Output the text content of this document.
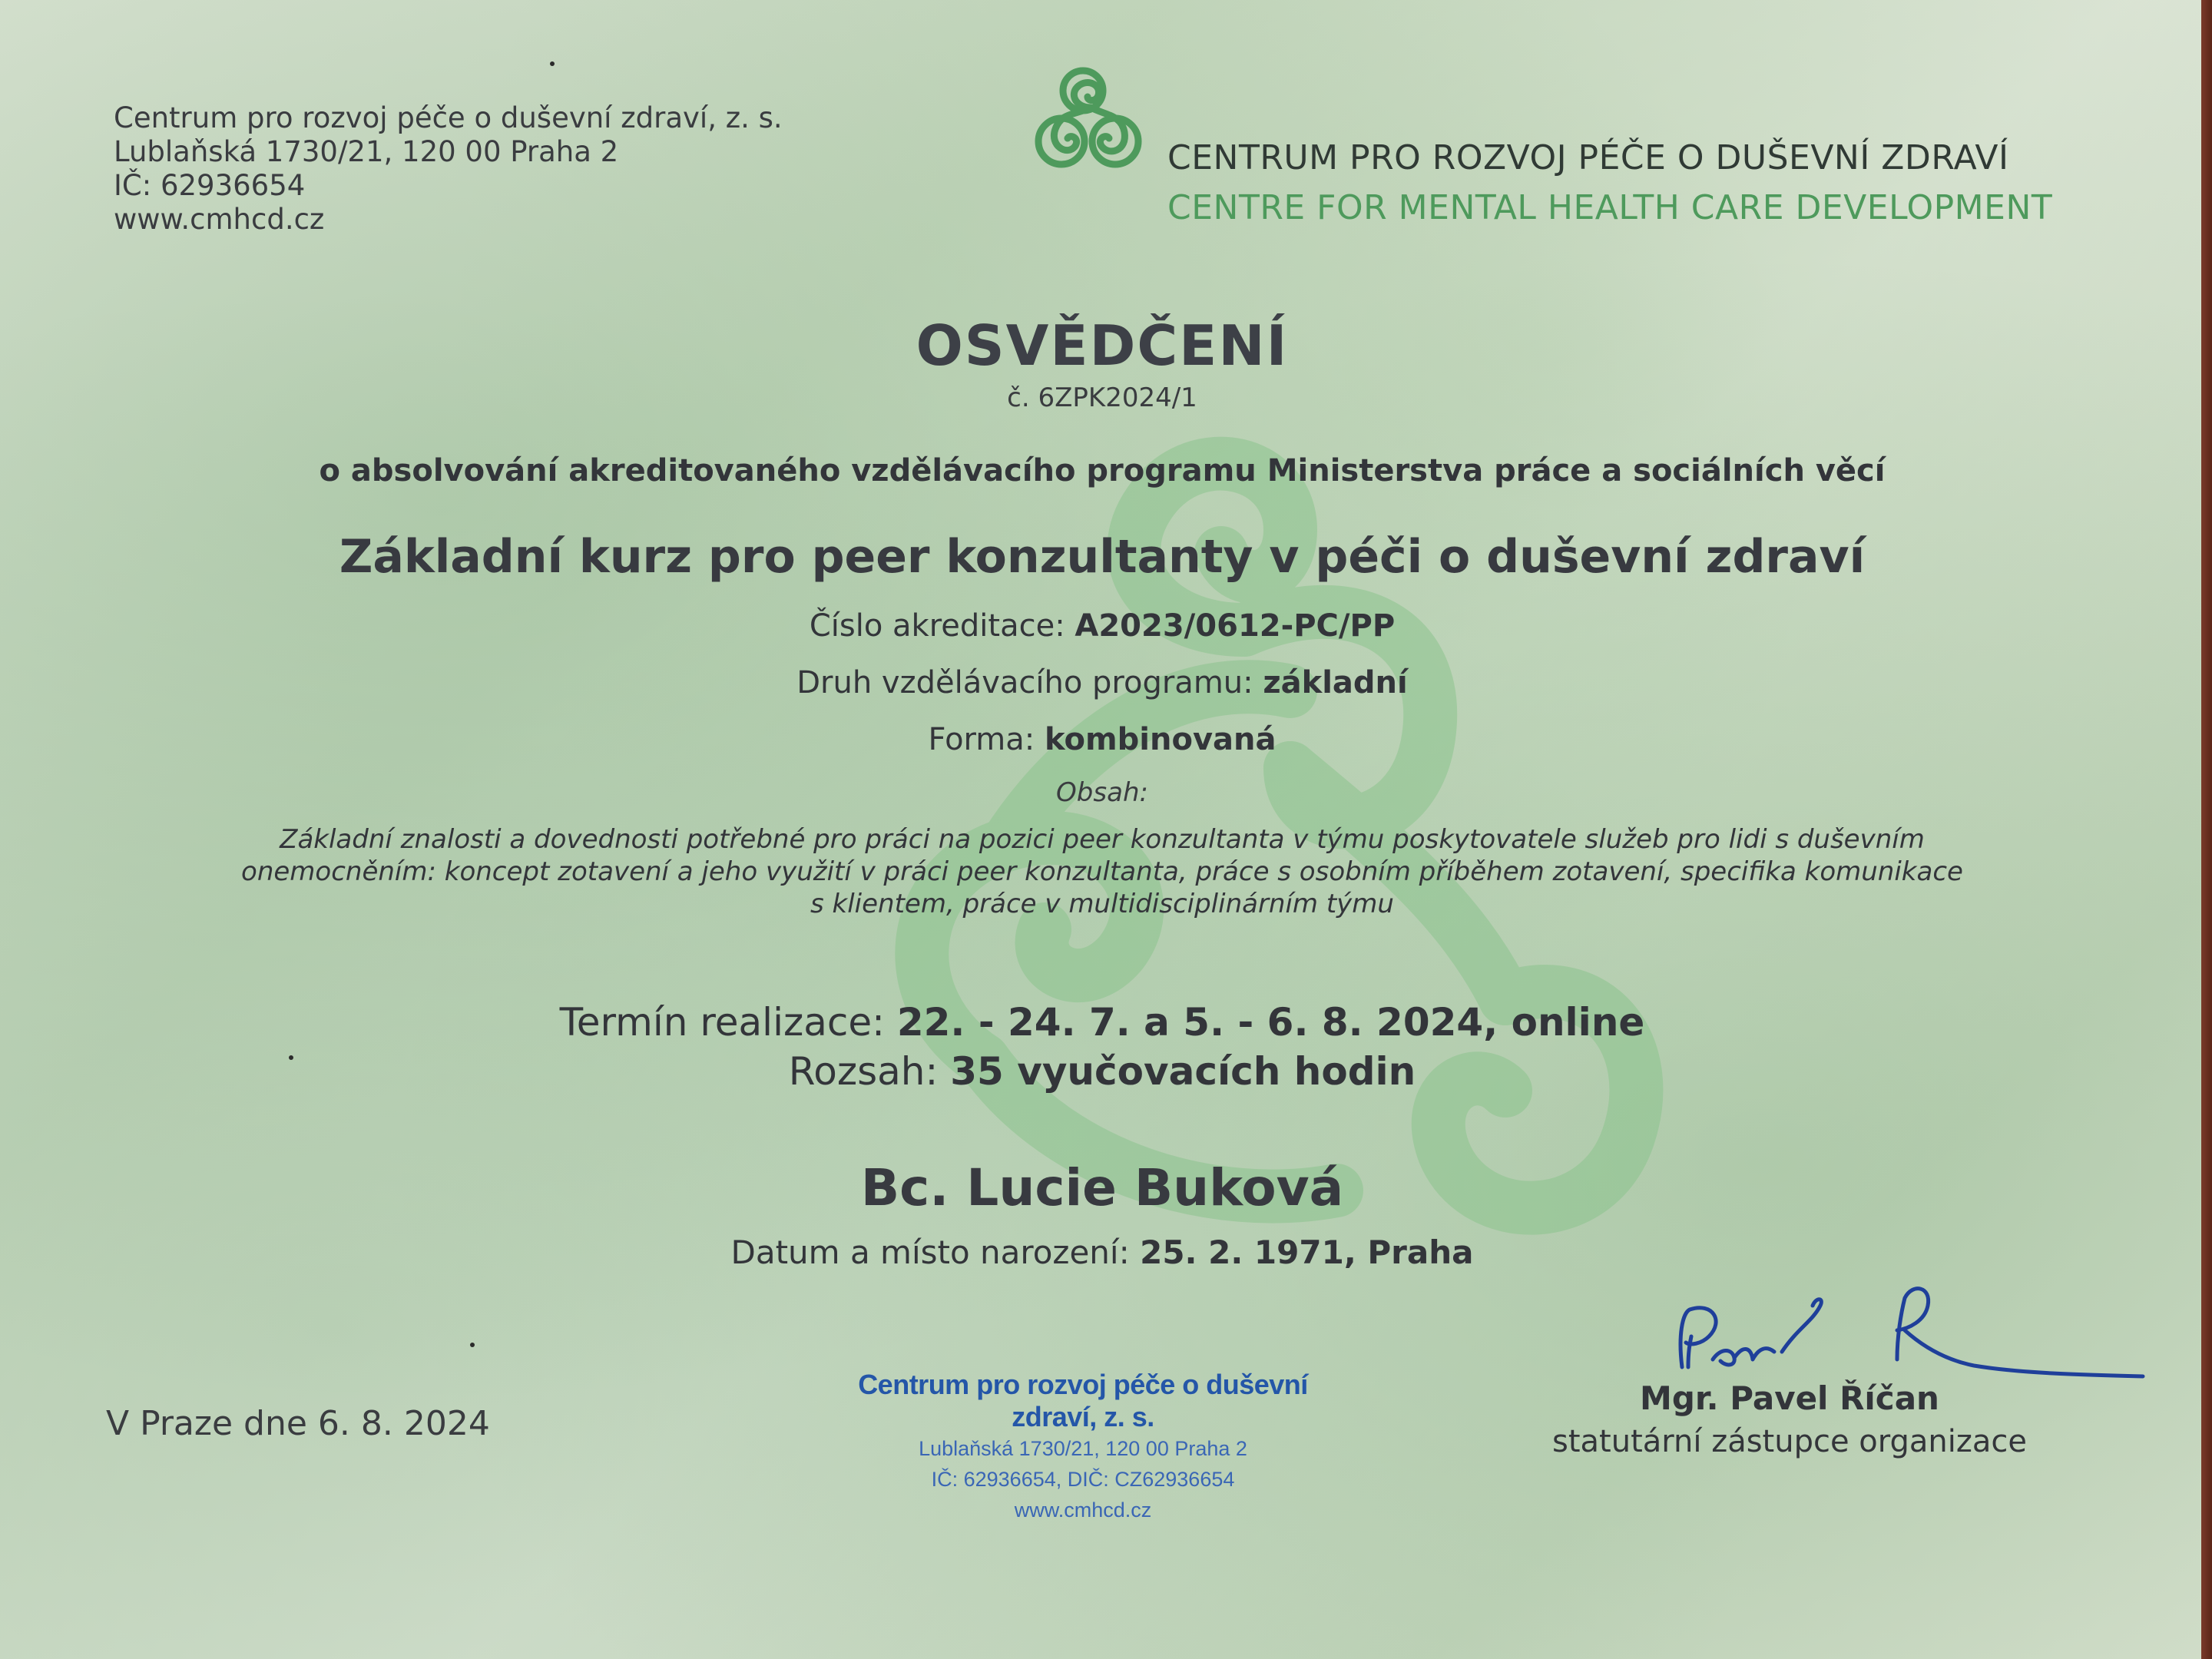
Centrum pro rozvoj péče o duševní zdraví, z. s.
Lublaňská 1730/21, 120 00 Praha 2
IČ: 62936654
www.cmhcd.cz
CENTRUM PRO ROZVOJ PÉČE O DUŠEVNÍ ZDRAVÍ
CENTRE FOR MENTAL HEALTH CARE DEVELOPMENT
OSVĚDČENÍ
č. 6ZPK2024/1
o absolvování akreditovaného vzdělávacího programu Ministerstva práce a sociálních věcí
Základní kurz pro peer konzultanty v péči o duševní zdraví
Číslo akreditace: A2023/0612-PC/PP
Druh vzdělávacího programu: základní
Forma: kombinovaná
Obsah:
Základní znalosti a dovednosti potřebné pro práci na pozici peer konzultanta v týmu poskytovatele služeb pro lidi s duševním
onemocněním: koncept zotavení a jeho využití v práci peer konzultanta, práce s osobním příběhem zotavení, specifika komunikace
s klientem, práce v multidisciplinárním týmu
Termín realizace: 22. - 24. 7. a 5. - 6. 8. 2024, online
Rozsah: 35 vyučovacích hodin
Bc. Lucie Buková
Datum a místo narození: 25. 2. 1971, Praha
V Praze dne 6. 8. 2024
Centrum pro rozvoj péče o duševní zdraví, z. s.
Lublaňská 1730/21, 120 00 Praha 2
IČ: 62936654, DIČ: CZ62936654
www.cmhcd.cz
Mgr. Pavel Říčan
statutární zástupce organizace
